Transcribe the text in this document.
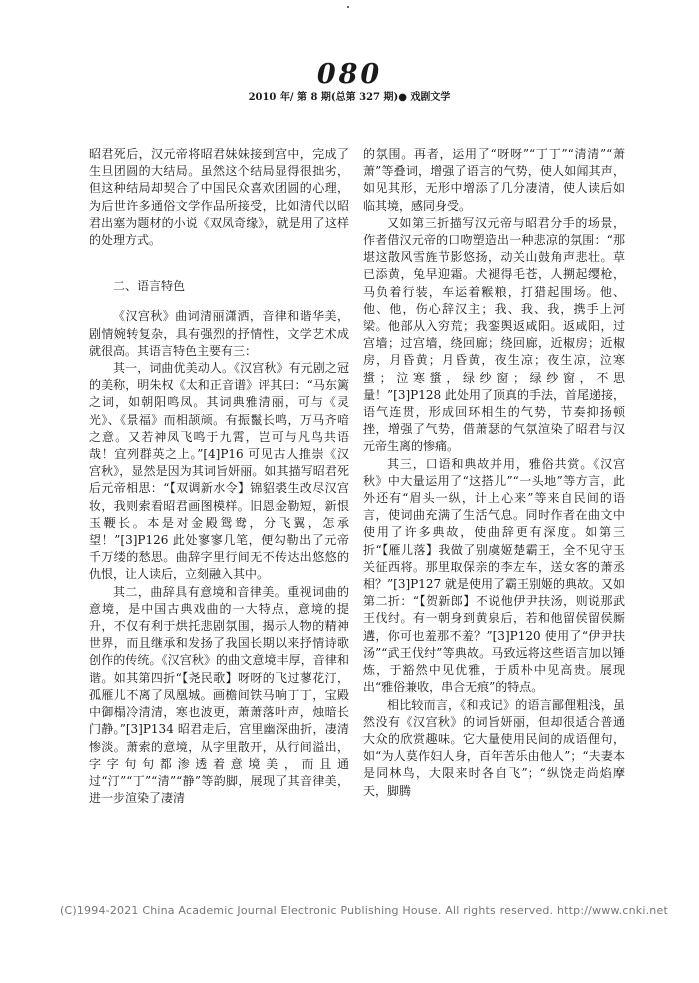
080
2010 年/ 第 8 期(总第 327 期)● 戏剧文学

昭君死后，汉元帝将昭君妹妹接到宫中，完成了生旦团圆的大结局。虽然这个结局显得很拙劣，但这种结局却契合了中国民众喜欢团圆的心理，为后世许多通俗文学作品所接受，比如清代以昭君出塞为题材的小说《双凤奇缘》，就是用了这样的处理方式。

二、语言特色

《汉宫秋》曲词清丽潇洒，音律和谐华美，剧情婉转复杂，具有强烈的抒情性，文学艺术成就很高。其语言特色主要有三：

其一，词曲优美动人。《汉宫秋》有元剧之冠的美称，明朱权《太和正音谱》评其曰：“马东篱之词，如朝阳鸣凤。其词典雅清丽，可与《灵光》、《景福》而相颉颃。有振鬣长鸣，万马齐喑之意。又若神凤飞鸣于九霄，岂可与凡鸟共语哉！宜列群英之上。”[4]P16 可见古人推崇《汉宫秋》，显然是因为其词旨妍丽。如其描写昭君死后元帝相思：“【双调新水令】锦貂裘生改尽汉宫妆，我则索看昭君画图模样。旧恩金勒短，新恨玉鞭长。本是对金殿鸳鸯，分飞翼，怎承望！”[3]P126 此处寥寥几笔，便勾勒出了元帝千万缕的愁思。曲辞字里行间无不传达出悠悠的仇恨，让人读后，立刻融入其中。

其二，曲辞具有意境和音律美。重视词曲的意境，是中国古典戏曲的一大特点，意境的提升，不仅有利于烘托悲剧氛围，揭示人物的精神世界，而且继承和发扬了我国长期以来抒情诗歌创作的传统。《汉宫秋》的曲文意境丰厚，音律和谐。如其第四折“【尧民歌】呀呀的飞过蓼花汀，孤雁儿不离了凤凰城。画檐间铁马响丁丁，宝殿中御榻冷清清，寒也波更，萧萧落叶声，烛暗长门静。”[3]P134 昭君走后，宫里幽深曲折，凄清惨淡。萧索的意境，从字里散开，从行间溢出，字字句句都渗透着意境美，而且通过“汀”“丁”“清”“静”等韵脚，展现了其音律美，进一步渲染了凄清

的氛围。再者，运用了“呀呀”“丁丁”“清清”“萧萧”等叠词，增强了语言的气势，使人如闻其声，如见其形，无形中增添了几分凄清，使人读后如临其境，感同身受。

又如第三折描写汉元帝与昭君分手的场景，作者借汉元帝的口吻塑造出一种悲凉的氛围：“那堪这散风雪旌节影悠扬，动关山鼓角声悲壮。草已添黄，兔早迎霜。犬褪得毛苍，人搠起缨枪，马负着行装，车运着糇粮，打猎起围场。他、他、他，伤心辞汉主；我、我、我，携手上河梁。他部从入穷荒；我銮舆返咸阳。返咸阳，过宫墙；过宫墙，绕回廊；绕回廊，近椒房；近椒房，月昏黄；月昏黄，夜生凉；夜生凉，泣寒螀；泣寒螀，绿纱窗；绿纱窗，不思量！”[3]P128 此处用了顶真的手法，首尾递接，语气连贯，形成回环相生的气势，节奏抑扬顿挫，增强了气势，借萧瑟的气氛渲染了昭君与汉元帝生离的惨痛。

其三，口语和典故并用，雅俗共赏。《汉宫秋》中大量运用了“这搭儿”“一头地”等方言，此外还有“眉头一纵，计上心来”等来自民间的语言，使词曲充满了生活气息。同时作者在曲文中使用了许多典故，使曲辞更有深度。如第三折“【雁儿落】我做了别虞姬楚霸王，全不见守玉关征西将。那里取保亲的李左车，送女客的萧丞相？”[3]P127 就是使用了霸王别姬的典故。又如第二折：“【贺新郎】不说他伊尹扶汤，则说那武王伐纣。有一朝身到黄泉后，若和他留侯留侯厮遘，你可也羞那不羞？”[3]P120 使用了“伊尹扶汤”“武王伐纣”等典故。马致远将这些语言加以锤炼，于豁然中见优雅，于质朴中见高贵。展现出“雅俗兼收，串合无痕”的特点。

相比较而言，《和戎记》的语言鄙俚粗浅，虽然没有《汉宫秋》的词旨妍丽，但却很适合普通大众的欣赏趣味。它大量使用民间的成语俚句，如“为人莫作妇人身，百年苦乐由他人”；“夫妻本是同林鸟，大限来时各自飞”；“纵饶走尚焰摩天，脚腾

(C)1994-2021 China Academic Journal Electronic Publishing House. All rights reserved. http://www.cnki.net
